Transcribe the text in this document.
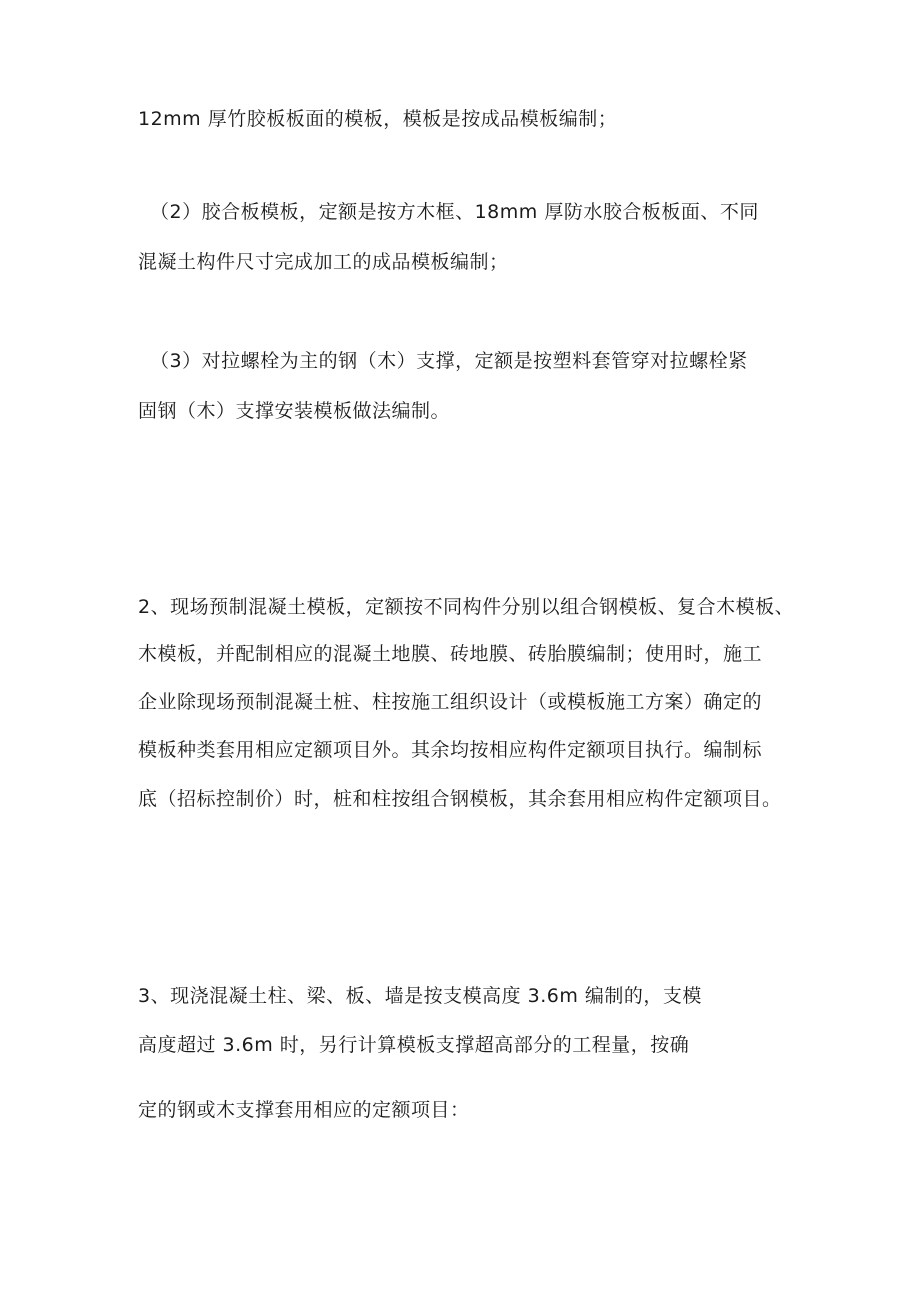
12mm 厚竹胶板板面的模板，模板是按成品模板编制；
（2）胶合板模板，定额是按方木框、18mm 厚防水胶合板板面、不同
混凝土构件尺寸完成加工的成品模板编制；
（3）对拉螺栓为主的钢（木）支撑，定额是按塑料套管穿对拉螺栓紧
固钢（木）支撑安装模板做法编制。
2、现场预制混凝土模板，定额按不同构件分别以组合钢模板、复合木模板、
木模板，并配制相应的混凝土地膜、砖地膜、砖胎膜编制；使用时，施工
企业除现场预制混凝土桩、柱按施工组织设计（或模板施工方案）确定的
模板种类套用相应定额项目外。其余均按相应构件定额项目执行。编制标
底（招标控制价）时，桩和柱按组合钢模板，其余套用相应构件定额项目。
3、现浇混凝土柱、梁、板、墙是按支模高度 3.6m 编制的，支模
高度超过 3.6m 时，另行计算模板支撑超高部分的工程量，按确
定的钢或木支撑套用相应的定额项目：
